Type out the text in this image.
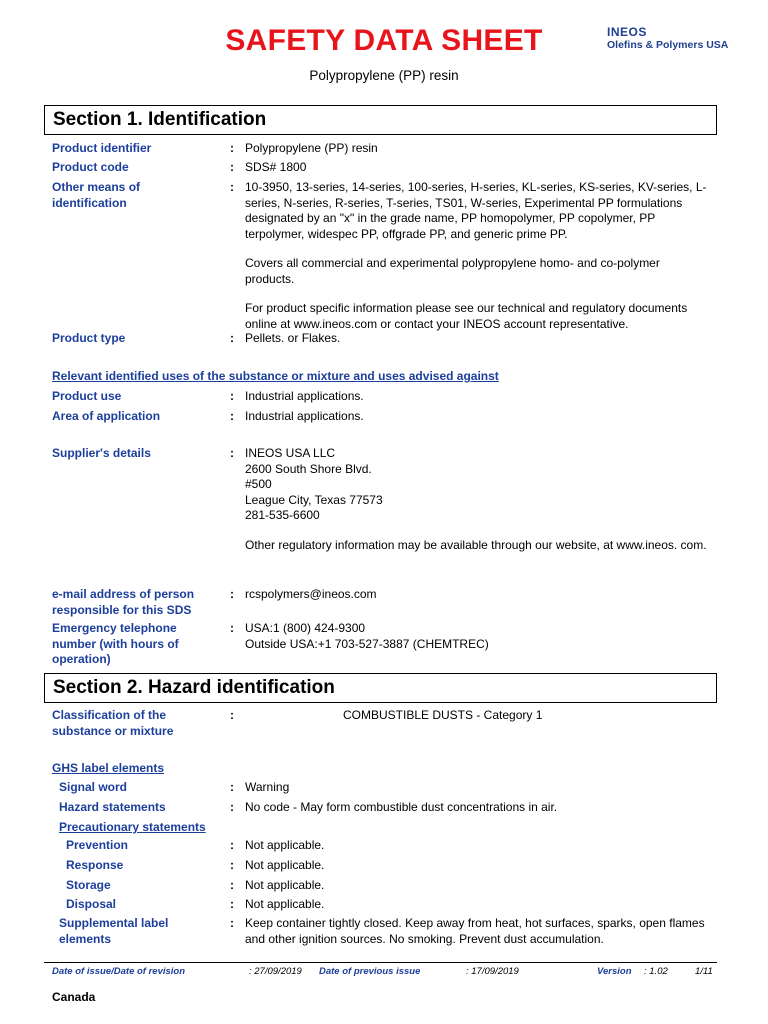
SAFETY DATA SHEET	INEOS
Olefins & Polymers USA
Polypropylene (PP) resin
Section 1. Identification
Product identifier	: Polypropylene (PP) resin
Product code	: SDS# 1800
Other means of identification
: 10-3950, 13-series, 14-series, 100-series, H-series, KL-series, KS-series, KV-series, L-series, N-series, R-series, T-series, TS01, W-series, Experimental PP formulations designated by an "x" in the grade name, PP homopolymer, PP copolymer, PP terpolymer, widespec PP, offgrade PP, and generic prime PP.

Covers all commercial and experimental polypropylene homo- and co-polymer products.

For product specific information please see our technical and regulatory documents online at www.ineos.com or contact your INEOS account representative.

Product type	: Pellets. or Flakes.
Relevant identified uses of the substance or mixture and uses advised against
Product use	: Industrial applications.
Area of application	: Industrial applications.
Supplier's details	: INEOS USA LLC
2600 South Shore Blvd.
#500
League City, Texas 77573
281-535-6600
Other regulatory information may be available through our website, at www.ineos. com.
e-mail address of person responsible for this SDS
: rcspolymers@ineos.com
Emergency telephone number (with hours of operation)
: USA:1 (800) 424-9300
Outside USA:+1 703-527-3887 (CHEMTREC)
Section 2. Hazard identification
Classification of the substance or mixture
:	COMBUSTIBLE DUSTS - Category 1
GHS label elements
Signal word	: Warning
Hazard statements	: No code - May form combustible dust concentrations in air.
Precautionary statements
Prevention	: Not applicable.
Response	: Not applicable.
Storage	: Not applicable.
Disposal	: Not applicable.
Supplemental label elements
: Keep container tightly closed. Keep away from heat, hot surfaces, sparks, open flames and other ignition sources. No smoking. Prevent dust accumulation.
Date of issue/Date of revision	: 27/09/2019 Date of previous issue	: 17/09/2019	Version : 1.02	1/11
Canada
